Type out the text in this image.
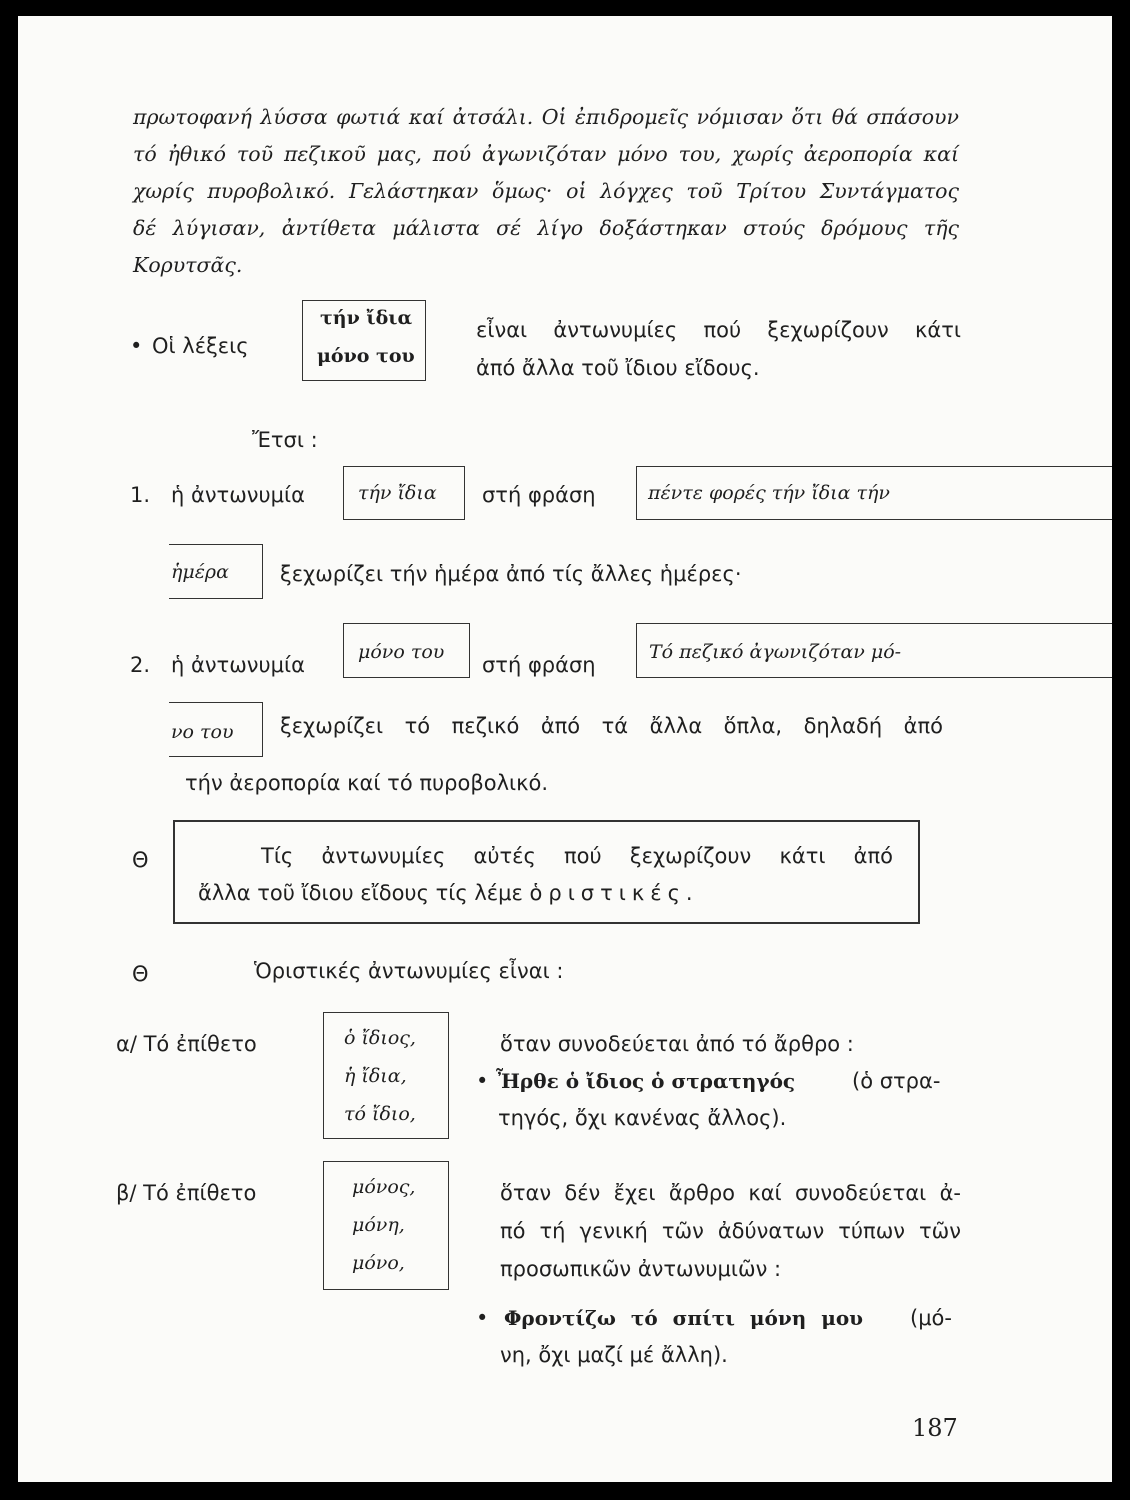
πρωτοφανή λύσσα φωτιά καί ἀτσάλι. Οἱ ἐπιδρομεῖς νόμισαν ὅτι θά σπάσουν
τό ἠθικό τοῦ πεζικοῦ μας, πού ἀγωνιζόταν μόνο του, χωρίς ἀεροπορία καί
χωρίς πυροβολικό. Γελάστηκαν ὅμως· οἱ λόγχες τοῦ Τρίτου Συντάγματος
δέ λύγισαν, ἀντίθετα μάλιστα σέ λίγο δοξάστηκαν στούς δρόμους τῆς
Κορυτσᾶς.
• Οἱ λέξεις
τήν ἴδια
μόνο του
εἶναι ἀντωνυμίες πού ξεχωρίζουν κάτι
ἀπό ἄλλα τοῦ ἴδιου εἴδους.
Ἔτσι :
1. ἡ ἀντωνυμία	τήν ἴδια στή φράση	πέντε φορές τήν ἴδια τήν
ἡμέρα ξεχωρίζει τήν ἡμέρα ἀπό τίς ἄλλες ἡμέρες·
2. ἡ ἀντωνυμία
μόνο του
στή φράση
Τό πεζικό ἀγωνιζόταν μό-
νο του ξεχωρίζει τό πεζικό ἀπό τά ἄλλα ὅπλα, δηλαδή ἀπό
τήν ἀεροπορία καί τό πυροβολικό.
Θ	Τίς ἀντωνυμίες αὐτές πού ξεχωρίζουν κάτι ἀπό
ἄλλα τοῦ ἴδιου εἴδους τίς λέμε ὁριστικές.
Θ	Ὁριστικές ἀντωνυμίες εἶναι :
α/ Τό ἐπίθετο	ὁ ἴδιος,
ἡ ἴδια,
τό ἴδιο,
ὅταν συνοδεύεται ἀπό τό ἄρθρο :
• Ἦρθε ὁ ἴδιος ὁ στρατηγός	(ὁ στρα-
τηγός, ὄχι κανένας ἄλλος).
β/ Τό ἐπίθετο	μόνος,
μόνη,
μόνο,
ὅταν δέν ἔχει ἄρθρο καί συνοδεύεται ἀ-
πό τή γενική τῶν ἀδύνατων τύπων τῶν
προσωπικῶν ἀντωνυμιῶν :
• Φροντίζω τό σπίτι μόνη μου (μό-
νη, ὄχι μαζί μέ ἄλλη).
187
